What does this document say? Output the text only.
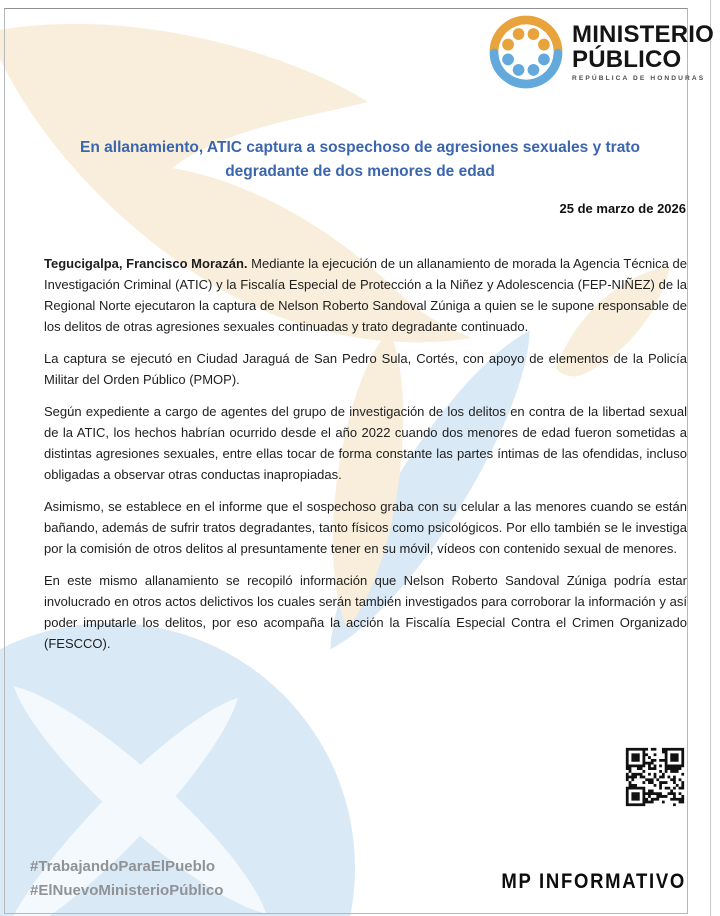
MINISTERIO
PÚBLICO
REPÚBLICA DE HONDURAS
En allanamiento, ATIC captura a sospechoso de agresiones sexuales y trato degradante de dos menores de edad
25 de marzo de 2026

Tegucigalpa, Francisco Morazán. Mediante la ejecución de un allanamiento de morada la Agencia Técnica de Investigación Criminal (ATIC) y la Fiscalía Especial de Protección a la Niñez y Adolescencia (FEP-NIÑEZ) de la Regional Norte ejecutaron la captura de Nelson Roberto Sandoval Zúniga a quien se le supone responsable de los delitos de otras agresiones sexuales continuadas y trato degradante continuado.

La captura se ejecutó en Ciudad Jaraguá de San Pedro Sula, Cortés, con apoyo de elementos de la Policía Militar del Orden Público (PMOP).

Según expediente a cargo de agentes del grupo de investigación de los delitos en contra de la libertad sexual de la ATIC, los hechos habrían ocurrido desde el año 2022 cuando dos menores de edad fueron sometidas a distintas agresiones sexuales, entre ellas tocar de forma constante las partes íntimas de las ofendidas, incluso obligadas a observar otras conductas inapropiadas.

Asimismo, se establece en el informe que el sospechoso graba con su celular a las menores cuando se están bañando, además de sufrir tratos degradantes, tanto físicos como psicológicos. Por ello también se le investiga por la comisión de otros delitos al presuntamente tener en su móvil, vídeos con contenido sexual de menores.

En este mismo allanamiento se recopiló información que Nelson Roberto Sandoval Zúniga podría estar involucrado en otros actos delictivos los cuales serán también investigados para corroborar la información y así poder imputarle los delitos, por eso acompaña la acción la Fiscalía Especial Contra el Crimen Organizado (FESCCO).

#TrabajandoParaElPueblo
#ElNuevoMinisterioPúblico	MP INFORMATIVO
